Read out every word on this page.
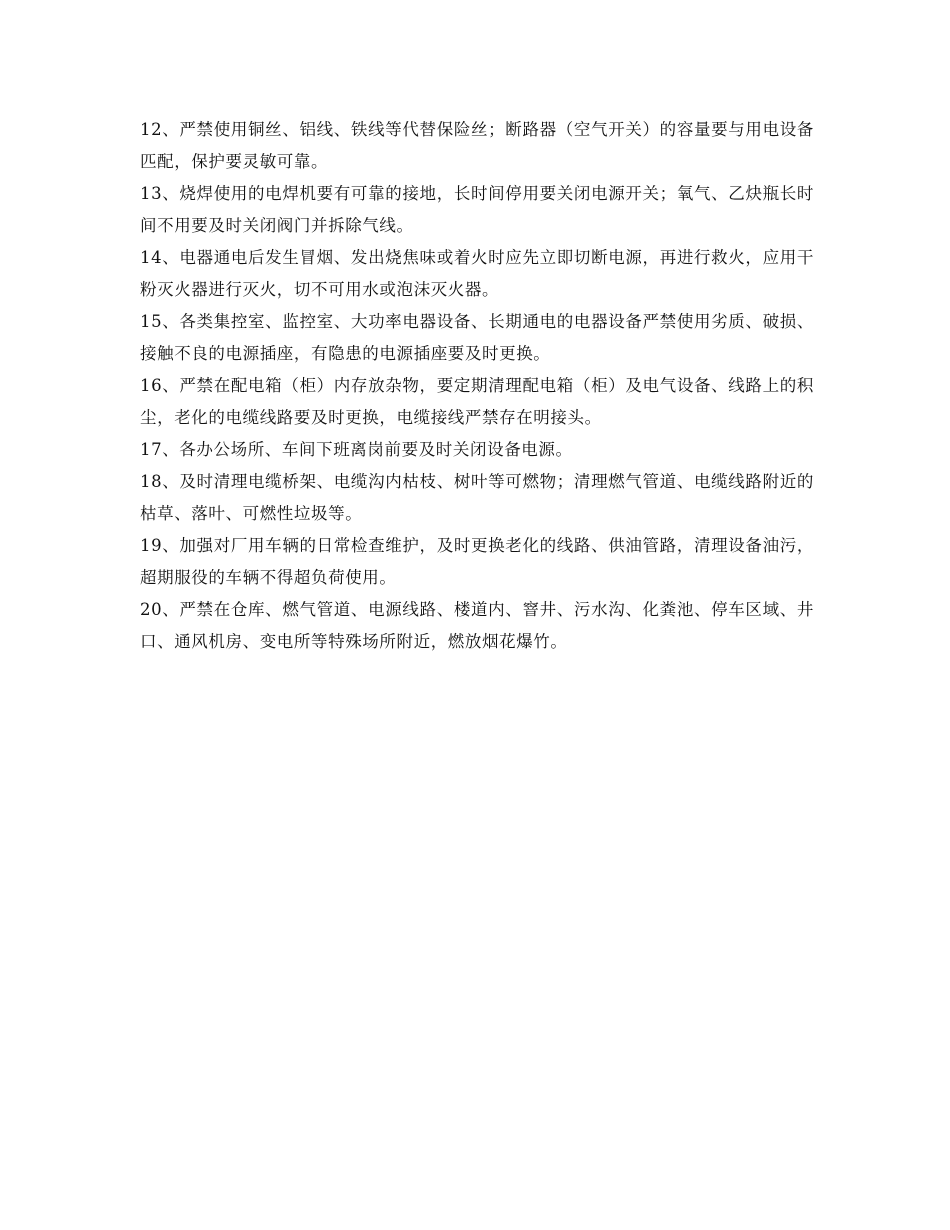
12、严禁使用铜丝、铝线、铁线等代替保险丝；断路器（空气开关）的容量要与用电设备匹配，保护要灵敏可靠。

13、烧焊使用的电焊机要有可靠的接地，长时间停用要关闭电源开关；氧气、乙炔瓶长时间不用要及时关闭阀门并拆除气线。

14、电器通电后发生冒烟、发出烧焦味或着火时应先立即切断电源，再进行救火，应用干粉灭火器进行灭火，切不可用水或泡沫灭火器。

15、各类集控室、监控室、大功率电器设备、长期通电的电器设备严禁使用劣质、破损、接触不良的电源插座，有隐患的电源插座要及时更换。

16、严禁在配电箱（柜）内存放杂物，要定期清理配电箱（柜）及电气设备、线路上的积尘，老化的电缆线路要及时更换，电缆接线严禁存在明接头。

17、各办公场所、车间下班离岗前要及时关闭设备电源。

18、及时清理电缆桥架、电缆沟内枯枝、树叶等可燃物；清理燃气管道、电缆线路附近的枯草、落叶、可燃性垃圾等。

19、加强对厂用车辆的日常检查维护，及时更换老化的线路、供油管路，清理设备油污，超期服役的车辆不得超负荷使用。

20、严禁在仓库、燃气管道、电源线路、楼道内、窨井、污水沟、化粪池、停车区域、井口、通风机房、变电所等特殊场所附近，燃放烟花爆竹。
